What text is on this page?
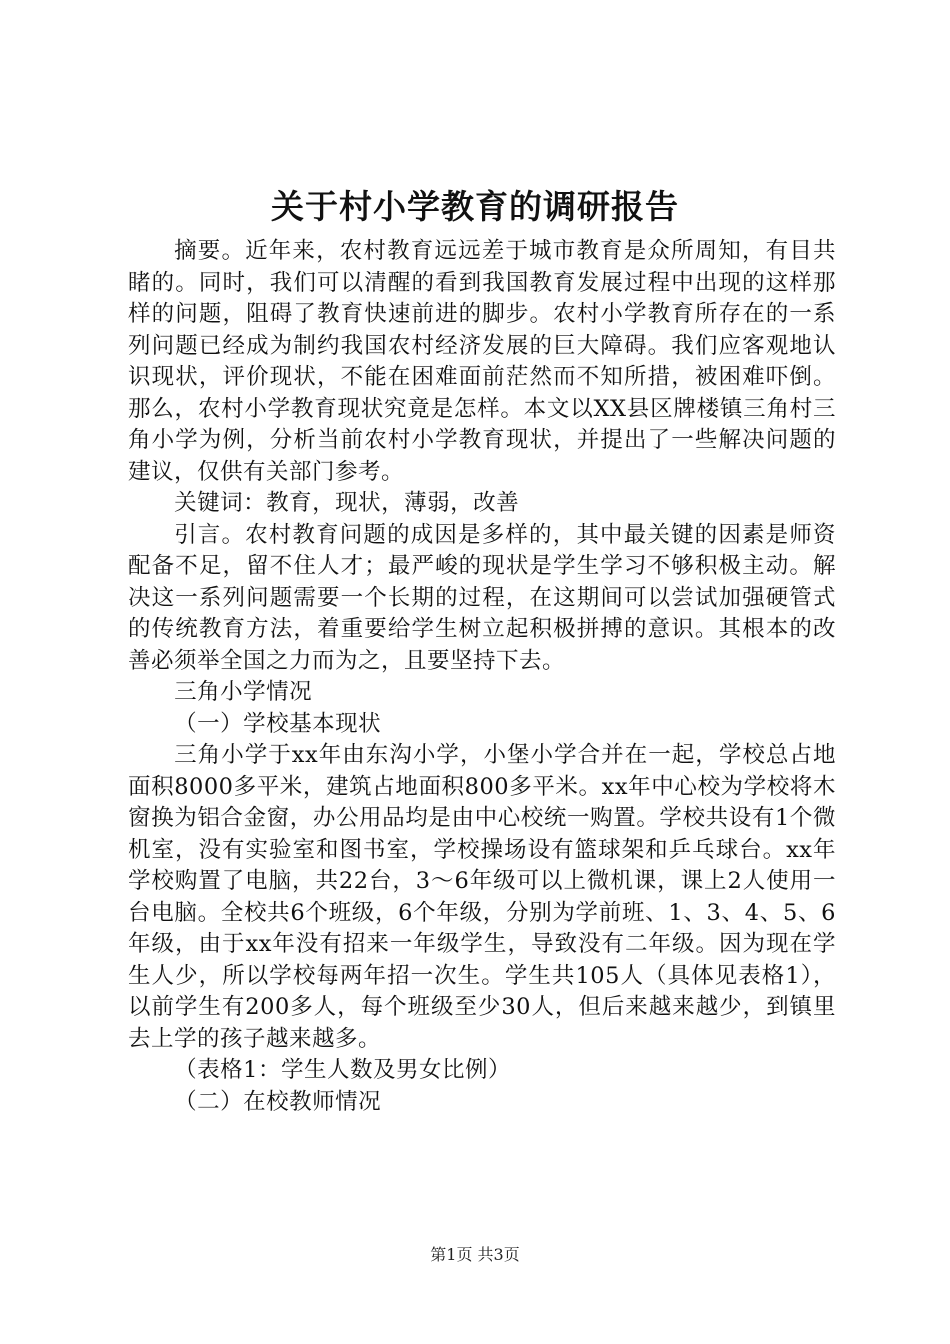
关于村小学教育的调研报告

摘要。近年来，农村教育远远差于城市教育是众所周知，有目共睹的。同时，我们可以清醒的看到我国教育发展过程中出现的这样那样的问题，阻碍了教育快速前进的脚步。农村小学教育所存在的一系列问题已经成为制约我国农村经济发展的巨大障碍。我们应客观地认识现状，评价现状，不能在困难面前茫然而不知所措，被困难吓倒。那么，农村小学教育现状究竟是怎样。本文以XX县区牌楼镇三角村三角小学为例，分析当前农村小学教育现状，并提出了一些解决问题的建议，仅供有关部门参考。

关键词：教育，现状，薄弱，改善

引言。农村教育问题的成因是多样的，其中最关键的因素是师资配备不足，留不住人才；最严峻的现状是学生学习不够积极主动。解决这一系列问题需要一个长期的过程，在这期间可以尝试加强硬管式的传统教育方法，着重要给学生树立起积极拼搏的意识。其根本的改善必须举全国之力而为之，且要坚持下去。

三角小学情况

（一）学校基本现状

三角小学于xx年由东沟小学，小堡小学合并在一起，学校总占地面积8000多平米，建筑占地面积800多平米。xx年中心校为学校将木窗换为铝合金窗，办公用品均是由中心校统一购置。学校共设有1个微机室，没有实验室和图书室，学校操场设有篮球架和乒乓球台。xx年学校购置了电脑，共22台，3～6年级可以上微机课，课上2人使用一台电脑。全校共6个班级，6个年级，分别为学前班、1、3、4、5、6年级，由于xx年没有招来一年级学生，导致没有二年级。因为现在学生人少，所以学校每两年招一次生。学生共105人（具体见表格1），以前学生有200多人，每个班级至少30人，但后来越来越少，到镇里去上学的孩子越来越多。

（表格1：学生人数及男女比例）

（二）在校教师情况

第1页 共3页
